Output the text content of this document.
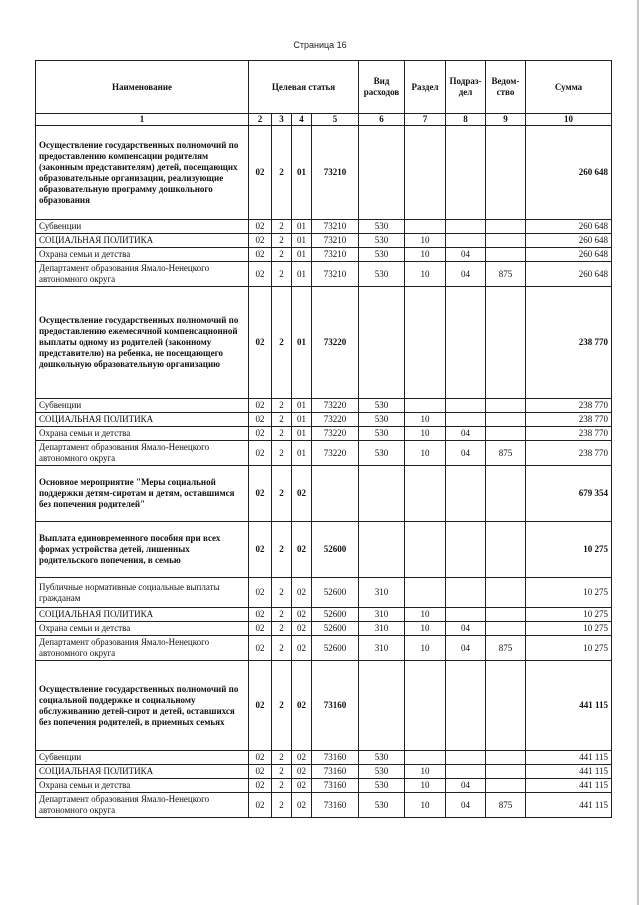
Страница 16
Наименование	Целевая статья				Вид расходов	Раздел	Подраз-дел	Ведом-ство	Сумма
1	2	3	4	5	6	7	8	9	10
Осуществление государственных полномочий по предоставлению компенсации родителям (законным представителям) детей, посещающих образовательные организации, реализующие образовательную программу дошкольного образования	02	2	01	73210					260 648
Субвенции	02	2	01	73210	530				260 648
СОЦИАЛЬНАЯ ПОЛИТИКА	02	2	01	73210	530	10			260 648
Охрана семьи и детства	02	2	01	73210	530	10	04		260 648
Департамент образования Ямало-Ненецкого автономного округа	02	2	01	73210	530	10	04	875	260 648
Осуществление государственных полномочий по предоставлению ежемесячной компенсационной выплаты одному из родителей (законному представителю) на ребенка, не посещающего дошкольную образовательную организацию	02	2	01	73220					238 770
Субвенции	02	2	01	73220	530				238 770
СОЦИАЛЬНАЯ ПОЛИТИКА	02	2	01	73220	530	10			238 770
Охрана семьи и детства	02	2	01	73220	530	10	04		238 770
Департамент образования Ямало-Ненецкого автономного округа	02	2	01	73220	530	10	04	875	238 770
Основное мероприятие "Меры социальной поддержки детям-сиротам и детям, оставшимся без попечения родителей"	02	2	02						679 354
Выплата единовременного пособия при всех формах устройства детей, лишенных родительского попечения, в семью	02	2	02	52600					10 275
Публичные нормативные социальные выплаты гражданам	02	2	02	52600	310				10 275
СОЦИАЛЬНАЯ ПОЛИТИКА	02	2	02	52600	310	10			10 275
Охрана семьи и детства	02	2	02	52600	310	10	04		10 275
Департамент образования Ямало-Ненецкого автономного округа	02	2	02	52600	310	10	04	875	10 275
Осуществление государственных полномочий по социальной поддержке и социальному обслуживанию детей-сирот и детей, оставшихся без попечения родителей, в приемных семьях	02	2	02	73160					441 115
Субвенции	02	2	02	73160	530				441 115
СОЦИАЛЬНАЯ ПОЛИТИКА	02	2	02	73160	530	10			441 115
Охрана семьи и детства	02	2	02	73160	530	10	04		441 115
Департамент образования Ямало-Ненецкого автономного округа	02	2	02	73160	530	10	04	875	441 115
